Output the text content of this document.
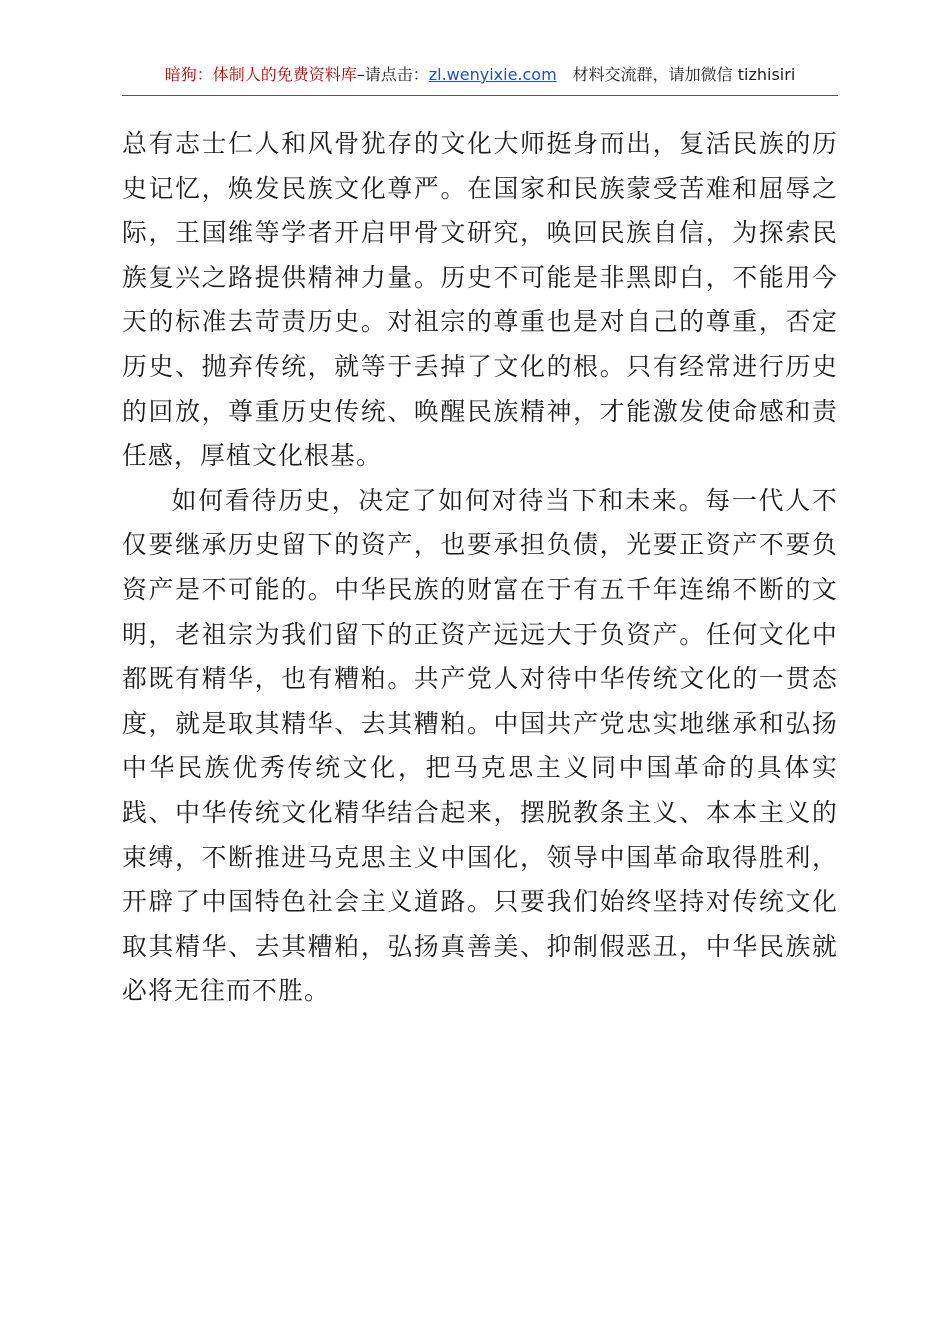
暗狗：体制人的免费资料库–请点击：zl.wenyixie.com 材料交流群，请加微信 tizhisiri

总有志士仁人和风骨犹存的文化大师挺身而出，复活民族的历史记忆，焕发民族文化尊严。在国家和民族蒙受苦难和屈辱之际，王国维等学者开启甲骨文研究，唤回民族自信，为探索民族复兴之路提供精神力量。历史不可能是非黑即白，不能用今天的标准去苛责历史。对祖宗的尊重也是对自己的尊重，否定历史、抛弃传统，就等于丢掉了文化的根。只有经常进行历史的回放，尊重历史传统、唤醒民族精神，才能激发使命感和责任感，厚植文化根基。

如何看待历史，决定了如何对待当下和未来。每一代人不仅要继承历史留下的资产，也要承担负债，光要正资产不要负资产是不可能的。中华民族的财富在于有五千年连绵不断的文明，老祖宗为我们留下的正资产远远大于负资产。任何文化中都既有精华，也有糟粕。共产党人对待中华传统文化的一贯态度，就是取其精华、去其糟粕。中国共产党忠实地继承和弘扬中华民族优秀传统文化，把马克思主义同中国革命的具体实践、中华传统文化精华结合起来，摆脱教条主义、本本主义的束缚，不断推进马克思主义中国化，领导中国革命取得胜利，开辟了中国特色社会主义道路。只要我们始终坚持对传统文化取其精华、去其糟粕，弘扬真善美、抑制假恶丑，中华民族就必将无往而不胜。
